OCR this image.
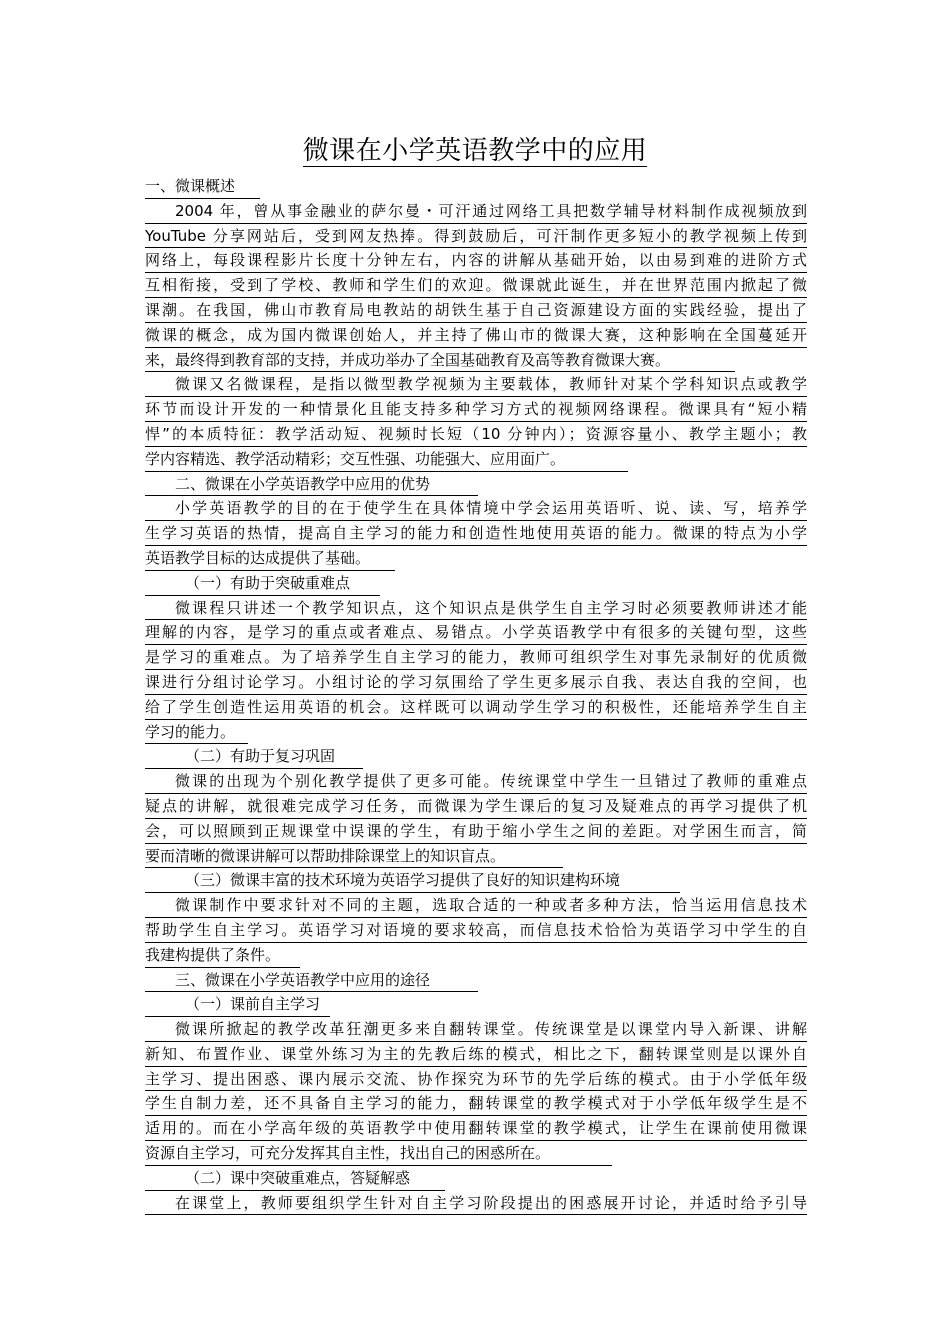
微课在小学英语教学中的应用
一、微课概述
2004 年，曾从事金融业的萨尔曼・可汗通过网络工具把数学辅导材料制作成视频放到
YouTube 分享网站后，受到网友热捧。得到鼓励后，可汗制作更多短小的教学视频上传到
网络上，每段课程影片长度十分钟左右，内容的讲解从基础开始，以由易到难的进阶方式
互相衔接，受到了学校、教师和学生们的欢迎。微课就此诞生，并在世界范围内掀起了微
课潮。在我国，佛山市教育局电教站的胡铁生基于自己资源建设方面的实践经验，提出了
微课的概念，成为国内微课创始人，并主持了佛山市的微课大赛，这种影响在全国蔓延开
来，最终得到教育部的支持，并成功举办了全国基础教育及高等教育微课大赛。
微课又名微课程，是指以微型教学视频为主要载体，教师针对某个学科知识点或教学
环节而设计开发的一种情景化且能支持多种学习方式的视频网络课程。微课具有“短小精
悍”的本质特征：教学活动短、视频时长短（10 分钟内）；资源容量小、教学主题小；教
学内容精选、教学活动精彩；交互性强、功能强大、应用面广。
二、微课在小学英语教学中应用的优势
小学英语教学的目的在于使学生在具体情境中学会运用英语听、说、读、写，培养学
生学习英语的热情，提高自主学习的能力和创造性地使用英语的能力。微课的特点为小学
英语教学目标的达成提供了基础。
（一）有助于突破重难点
微课程只讲述一个教学知识点，这个知识点是供学生自主学习时必须要教师讲述才能
理解的内容，是学习的重点或者难点、易错点。小学英语教学中有很多的关键句型，这些
是学习的重难点。为了培养学生自主学习的能力，教师可组织学生对事先录制好的优质微
课进行分组讨论学习。小组讨论的学习氛围给了学生更多展示自我、表达自我的空间，也
给了学生创造性运用英语的机会。这样既可以调动学生学习的积极性，还能培养学生自主
学习的能力。
（二）有助于复习巩固
微课的出现为个别化教学提供了更多可能。传统课堂中学生一旦错过了教师的重难点
疑点的讲解，就很难完成学习任务，而微课为学生课后的复习及疑难点的再学习提供了机
会，可以照顾到正规课堂中误课的学生，有助于缩小学生之间的差距。对学困生而言，简
要而清晰的微课讲解可以帮助排除课堂上的知识盲点。
（三）微课丰富的技术环境为英语学习提供了良好的知识建构环境
微课制作中要求针对不同的主题，选取合适的一种或者多种方法，恰当运用信息技术
帮助学生自主学习。英语学习对语境的要求较高，而信息技术恰恰为英语学习中学生的自
我建构提供了条件。
三、微课在小学英语教学中应用的途径
（一）课前自主学习
微课所掀起的教学改革狂潮更多来自翻转课堂。传统课堂是以课堂内导入新课、讲解
新知、布置作业、课堂外练习为主的先教后练的模式，相比之下，翻转课堂则是以课外自
主学习、提出困惑、课内展示交流、协作探究为环节的先学后练的模式。由于小学低年级
学生自制力差，还不具备自主学习的能力，翻转课堂的教学模式对于小学低年级学生是不
适用的。而在小学高年级的英语教学中使用翻转课堂的教学模式，让学生在课前使用微课
资源自主学习，可充分发挥其自主性，找出自己的困惑所在。
（二）课中突破重难点，答疑解惑
在课堂上，教师要组织学生针对自主学习阶段提出的困惑展开讨论，并适时给予引导
